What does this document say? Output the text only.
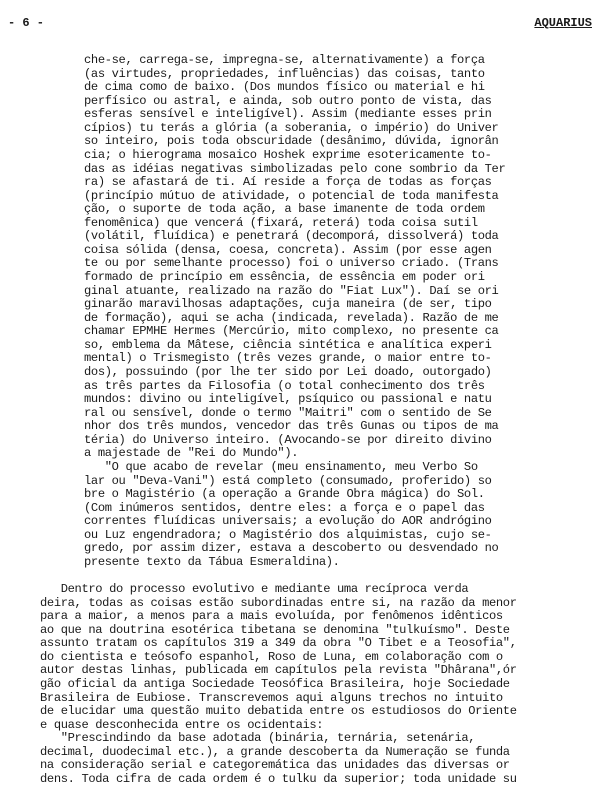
- 6 -	AQUARIUS
che-se, carrega-se, impregna-se, alternativamente) a força
(as virtudes, propriedades, influências) das coisas, tanto
de cima como de baixo. (Dos mundos físico ou material e hi
perfísico ou astral, e ainda, sob outro ponto de vista, das
esferas sensível e inteligível). Assim (mediante esses prin
cípios) tu terás a glória (a soberania, o império) do Univer
so inteiro, pois toda obscuridade (desânimo, dúvida, ignorân
cia; o hierograma mosaico Hoshek exprime esotericamente to-
das as idéias negativas simbolizadas pelo cone sombrio da Ter
ra) se afastará de ti. Aí reside a força de todas as forças
(princípio mútuo de atividade, o potencial de toda manifesta
ção, o suporte de toda ação, a base imanente de toda ordem
fenomênica) que vencerá (fixará, reterá) toda coisa sutil
(volátil, fluídica) e penetrará (decomporá, dissolverá) toda
coisa sólida (densa, coesa, concreta). Assim (por esse agen
te ou por semelhante processo) foi o universo criado. (Trans
formado de princípio em essência, de essência em poder ori
ginal atuante, realizado na razão do "Fiat Lux"). Daí se ori
ginarão maravilhosas adaptações, cuja maneira (de ser, tipo
de formação), aqui se acha (indicada, revelada). Razão de me
chamar EPMHE Hermes (Mercúrio, mito complexo, no presente ca
so, emblema da Mâtese, ciência sintética e analítica experi
mental) o Trismegisto (três vezes grande, o maior entre to-
dos), possuindo (por lhe ter sido por Lei doado, outorgado)
as três partes da Filosofia (o total conhecimento dos três
mundos: divino ou inteligível, psíquico ou passional e natu
ral ou sensível, donde o termo "Maitri" com o sentido de Se
nhor dos três mundos, vencedor das três Gunas ou tipos de ma
téria) do Universo inteiro. (Avocando-se por direito divino
a majestade de "Rei do Mundo").
"O que acabo de revelar (meu ensinamento, meu Verbo So
lar ou "Deva-Vani") está completo (consumado, proferido) so
bre o Magistério (a operação a Grande Obra mágica) do Sol.
(Com inúmeros sentidos, dentre eles: a força e o papel das
correntes fluídicas universais; a evolução do AOR andrógino
ou Luz engendradora; o Magistério dos alquimistas, cujo se-
gredo, por assim dizer, estava a descoberto ou desvendado no
presente texto da Tábua Esmeraldina).
Dentro do processo evolutivo e mediante uma recíproca verda
deira, todas as coisas estão subordinadas entre si, na razão da menor
para a maior, a menos para a mais evoluída, por fenômenos idênticos
ao que na doutrina esotérica tibetana se denomina "tulkuísmo". Deste
assunto tratam os capítulos 319 a 349 da obra "O Tibet e a Teosofia",
do cientista e teósofo espanhol, Roso de Luna, em colaboração com o
autor destas linhas, publicada em capítulos pela revista "Dhârana",ór
gão oficial da antiga Sociedade Teosófica Brasileira, hoje Sociedade
Brasileira de Eubiose. Transcrevemos aqui alguns trechos no intuito
de elucidar uma questão muito debatida entre os estudiosos do Oriente
e quase desconhecida entre os ocidentais:
"Prescindindo da base adotada (binária, ternária, setenária,
decimal, duodecimal etc.), a grande descoberta da Numeração se funda
na consideração serial e categoremática das unidades das diversas or
dens. Toda cifra de cada ordem é o tulku da superior; toda unidade su
